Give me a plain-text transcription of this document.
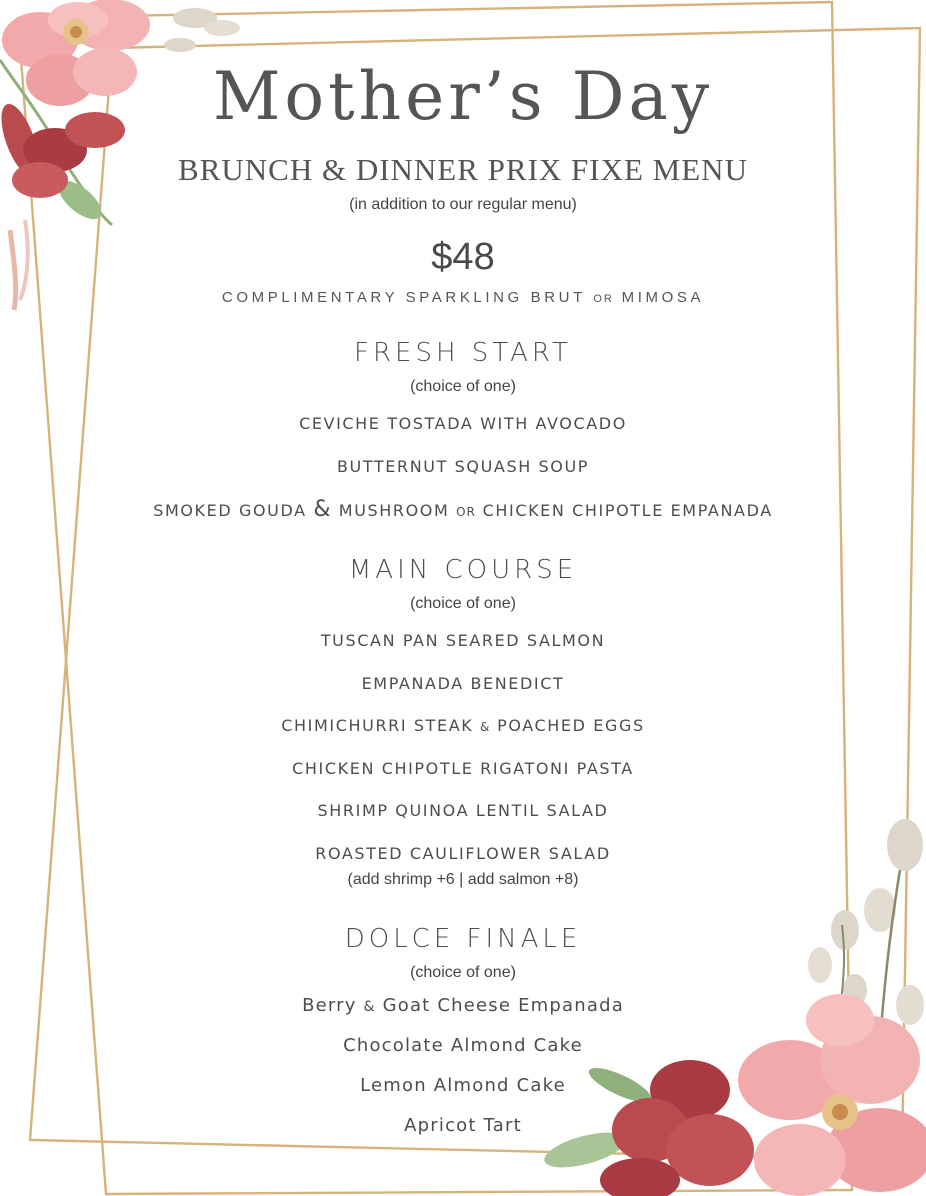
Mother’s Day
BRUNCH & DINNER PRIX FIXE MENU
(in addition to our regular menu)
$48
COMPLIMENTARY SPARKLING BRUT OR MIMOSA
FRESH START
(choice of one)
CEVICHE TOSTADA WITH AVOCADO
BUTTERNUT SQUASH SOUP
SMOKED GOUDA & MUSHROOM OR CHICKEN CHIPOTLE EMPANADA
MAIN COURSE
(choice of one)
TUSCAN PAN SEARED SALMON
EMPANADA BENEDICT
CHIMICHURRI STEAK & POACHED EGGS
CHICKEN CHIPOTLE RIGATONI PASTA
SHRIMP QUINOA LENTIL SALAD
ROASTED CAULIFLOWER SALAD
(add shrimp +6 | add salmon +8)
DOLCE FINALE
(choice of one)
Berry & Goat Cheese Empanada
Chocolate Almond Cake
Lemon Almond Cake
Apricot Tart
